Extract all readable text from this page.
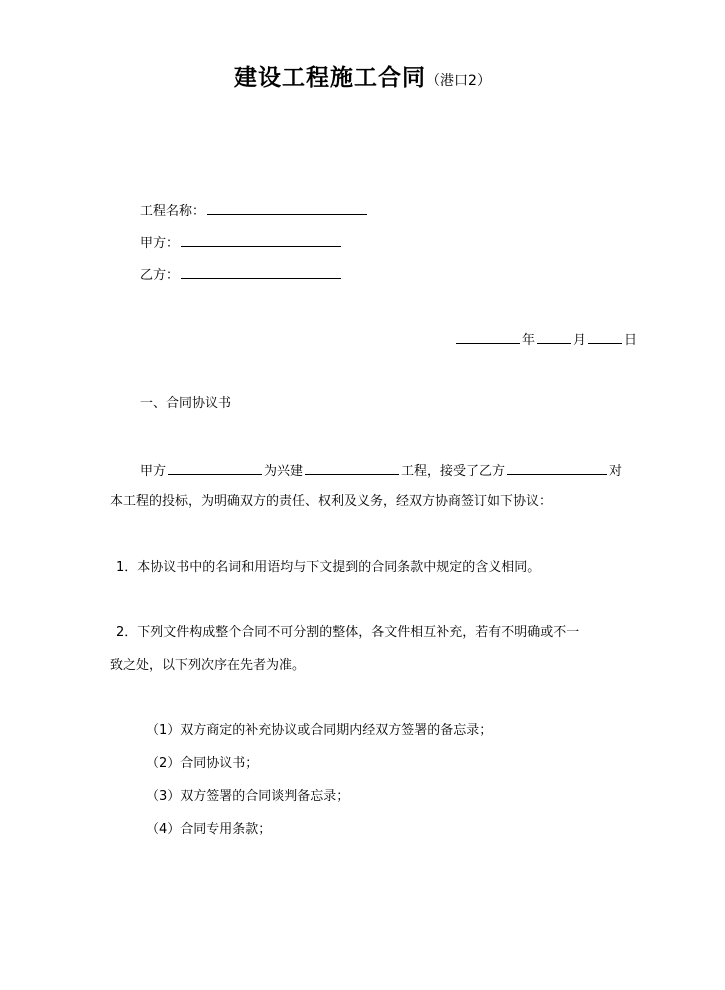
建设工程施工合同（港口2）
工程名称：
甲方：
乙方：
年	月	日
一、合同协议书
甲方	为兴建	工程，接受了乙方	对
本工程的投标，为明确双方的责任、权利及义务，经双方协商签订如下协议：
1．本协议书中的名词和用语均与下文提到的合同条款中规定的含义相同。
2．下列文件构成整个合同不可分割的整体，各文件相互补充，若有不明确或不一
致之处，以下列次序在先者为准。
（1）双方商定的补充协议或合同期内经双方签署的备忘录；
（2）合同协议书；
（3）双方签署的合同谈判备忘录；
（4）合同专用条款；
